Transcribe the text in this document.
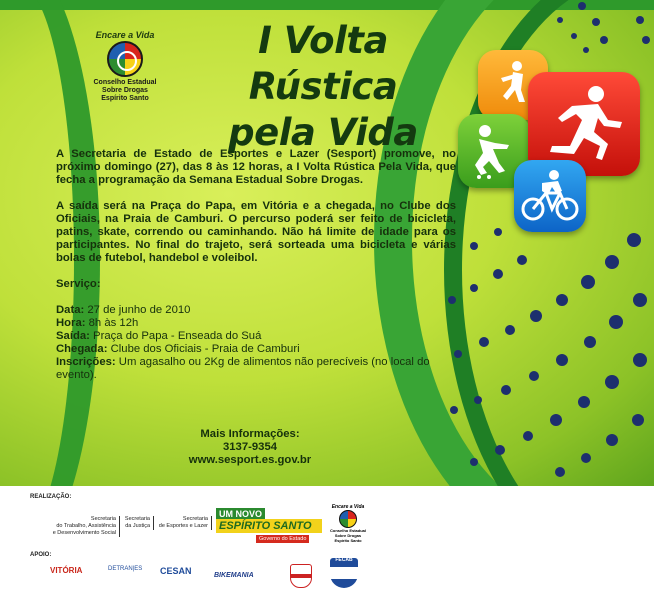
Encare a Vida
Conselho Estadual
Sobre Drogas
Espírito Santo
I Volta Rústica
pela Vida

A Secretaria de Estado de Esportes e Lazer (Sesport) promove, no próximo domingo (27), das 8 às 12 horas, a I Volta Rústica Pela Vida, que fecha a programação da Semana Estadual Sobre Drogas.

A saída será na Praça do Papa, em Vitória e a chegada, no Clube dos Oficiais, na Praia de Camburi. O percurso poderá ser feito de bicicleta, patins, skate, correndo ou caminhando. Não há limite de idade para os participantes. No final do trajeto, será sorteada uma bicicleta e várias bolas de futebol, handebol e voleibol.

Serviço:
Data: 27 de junho de 2010
Hora: 8h às 12h
Saída: Praça do Papa - Enseada do Suá
Chegada: Clube dos Oficiais - Praia de Camburi
Inscrições: Um agasalho ou 2Kg de alimentos não perecíveis (no local do evento).
Mais Informações:
3137-9354
www.sesport.es.gov.br
REALIZAÇÃO:
Secretaria
do Trabalho, Assistência
e Desenvolvimento Social
Secretaria
da Justiça
Secretaria
de Esportes e Lazer
UM NOVO
ESPÍRITO SANTO
Governo do Estado
Encare a Vida
Conselho Estadual
Sobre Drogas
Espírito Santo
APOIO:
VITÓRIA	DETRAN|ES CESAN	BIKEMANIA
FECAB
